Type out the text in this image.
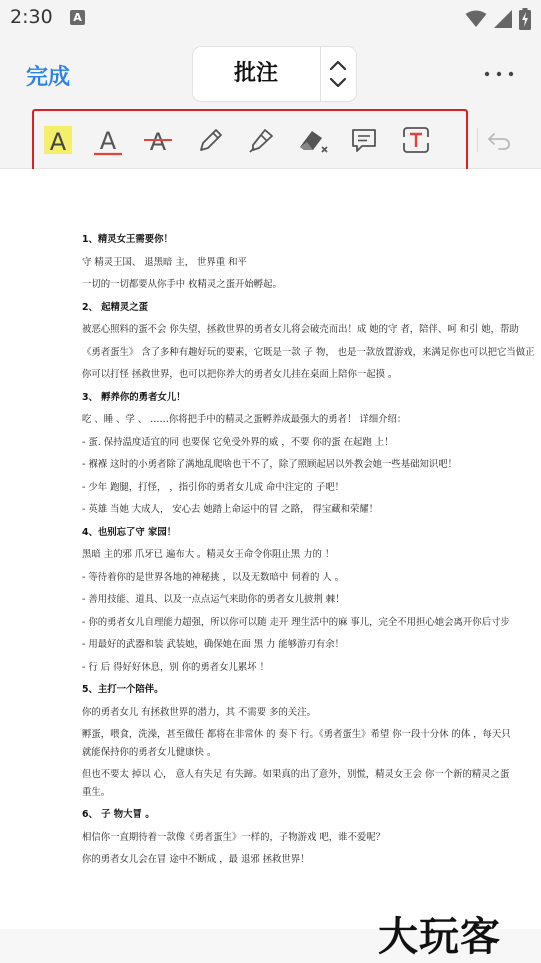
2:30 A
完成	批注
A A A
1、精灵女王需要你！
守 精灵王国、 退黑暗 主， 世界重 和平
一切的一切都要从你手中 枚精灵之蛋开始孵起。
2、 起精灵之蛋
被恶心照料的蛋不会 你失望，拯救世界的勇者女儿将会破壳而出！成 她的守 者，陪伴、呵 和引 她，帮助
《勇者蛋生》 含了多种有趣好玩的要素，它既是一款 子 物， 也是一款放置游戏，来满足你也可以把它当做正
你可以打怪 拯救世界，也可以把你养大的勇者女儿挂在桌面上陪你一起摸 。
3、 孵养你的勇者女儿！
吃 、睡 、学 、 ……你将把手中的精灵之蛋孵养成最强大的勇者！ 详细介绍：
- 蛋. 保持温度适宜的同 也要保 它免受外界的威 ，不要 你的蛋 在起跑 上！
- 褓褓 这时的小勇者除了满地乱爬啥也干不了，除了照顾起居以外教会她一些基础知识吧！
- 少年 跑腿，打怪， ，指引你的勇者女儿成 命中注定的 子吧！
- 英雄 当她 大成人， 安心去 她踏上命运中的冒 之路， 得宝藏和荣耀！
4、也别忘了守 家园！
黑暗 主的邪 爪牙已 遍布大 。精灵女王命令你阻止黑 力的 ！
- 等待着你的是世界各地的神秘挑 ，以及无数暗中 伺着的 人 。
- 善用技能、道具、以及一点点运气来助你的勇者女儿披荆 棘！
- 你的勇者女儿自理能力超强，所以你可以随 走开 理生活中的麻 事儿，完全不用担心她会离开你后寸步
- 用最好的武器和装 武装她，确保她在面 黑 力 能够游刃有余！
- 行 后 得好好休息，别 你的勇者女儿累坏 ！
5、主打一个陪伴。
你的勇者女儿 有拯救世界的潜力，其 不需要 多的关注。
孵蛋，喂食，洗澡，甚至做任 都将在非常休 的 奏下 行。《勇者蛋生》希望 你一段十分休 的体 ，每天只
就能保持你的勇者女儿健康快 。
但也不要太 掉以 心， 意人有失足 有失蹄。如果真的出了意外，别慌，精灵女王会 你一个新的精灵之蛋
重生。
6、 子 物大冒 。
相信你一直期待着一款像《勇者蛋生》一样的，子物游戏 吧，谁不爱呢？
你的勇者女儿会在冒 途中不断成 ，最 退邪 拯救世界！
大玩客
